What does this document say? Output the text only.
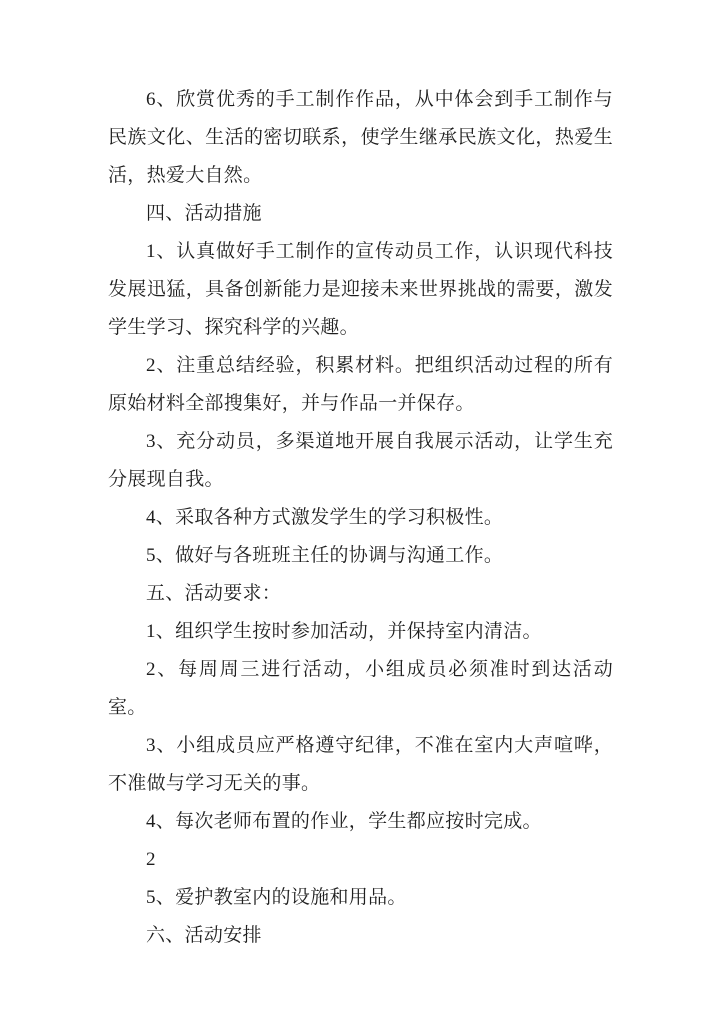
6、欣赏优秀的手工制作作品，从中体会到手工制作与民族文化、生活的密切联系，使学生继承民族文化，热爱生活，热爱大自然。

四、活动措施

1、认真做好手工制作的宣传动员工作，认识现代科技发展迅猛，具备创新能力是迎接未来世界挑战的需要，激发学生学习、探究科学的兴趣。

2、注重总结经验，积累材料。把组织活动过程的所有原始材料全部搜集好，并与作品一并保存。

3、充分动员，多渠道地开展自我展示活动，让学生充分展现自我。

4、采取各种方式激发学生的学习积极性。

5、做好与各班班主任的协调与沟通工作。

五、活动要求：

1、组织学生按时参加活动，并保持室内清洁。

2、每周周三进行活动，小组成员必须准时到达活动室。

3、小组成员应严格遵守纪律，不准在室内大声喧哗，不准做与学习无关的事。

4、每次老师布置的作业，学生都应按时完成。

2

5、爱护教室内的设施和用品。

六、活动安排
